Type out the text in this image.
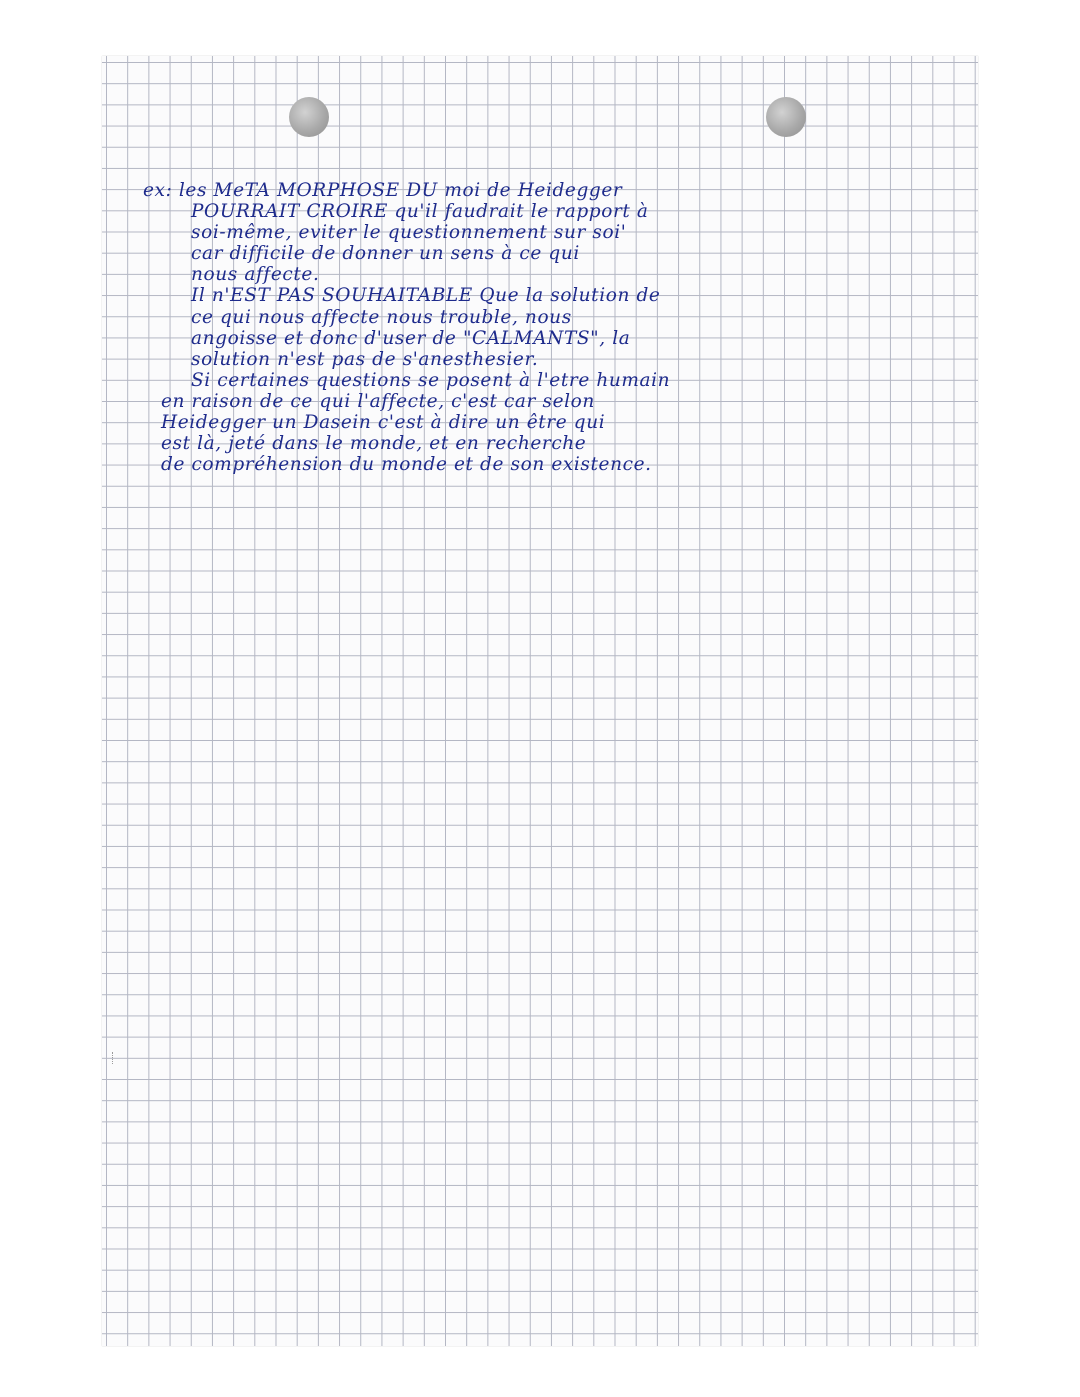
ex: les MeTA MORPHOSE DU moi de Heidegger
POURRAIT CROIRE qu'il faudrait le rapport à
soi-même, eviter le questionnement sur soi'
car difficile de donner un sens à ce qui
nous affecte.
Il n'EST PAS SOUHAITABLE Que la solution de
ce qui nous affecte nous trouble, nous
angoisse et donc d'user de "CALMANTS", la
solution n'est pas de s'anesthesier.
Si certaines questions se posent à l'etre humain
en raison de ce qui l'affecte, c'est car selon
Heidegger un Dasein c'est à dire un être qui
est là, jeté dans le monde, et en recherche
de compréhension du monde et de son existence.
